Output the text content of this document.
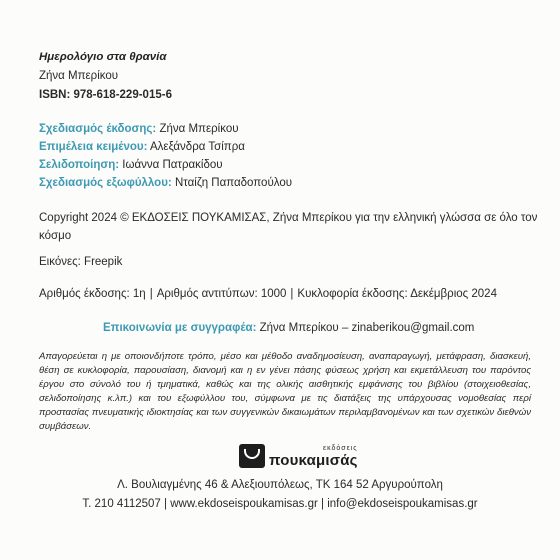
Ημερολόγιο στα θρανία
Ζήνα Μπερίκου
ISBN: 978-618-229-015-6
Σχεδιασμός έκδοσης: Ζήνα Μπερίκου
Επιμέλεια κειμένου: Αλεξάνδρα Τσίπρα
Σελιδοποίηση: Ιωάννα Πατρακίδου
Σχεδιασμός εξωφύλλου: Νταίζη Παπαδοπούλου
Copyright 2024 © ΕΚΔΟΣΕΙΣ ΠΟΥΚΑΜΙΣΑΣ, Ζήνα Μπερίκου για την ελληνική γλώσσα σε όλο τον κόσμο
Εικόνες: Freepik
Αριθμός έκδοσης: 1η | Αριθμός αντιτύπων: 1000 | Κυκλοφορία έκδοσης: Δεκέμβριος 2024
Επικοινωνία με συγγραφέα: Ζήνα Μπερίκου – zinaberikou@gmail.com
Απαγορεύεται η με οποιονδήποτε τρόπο, μέσο και μέθοδο αναδημοσίευση, αναπαραγωγή, μετάφραση, διασκευή, θέση σε κυκλοφορία, παρουσίαση, διανομή και η εν γένει πάσης φύσεως χρήση και εκμετάλλευση του παρόντος έργου στο σύνολό του ή τμηματικά, καθώς και της ολικής αισθητικής εμφάνισης του βιβλίου (στοιχειοθεσίας, σελιδοποίησης κ.λπ.) και του εξωφύλλου του, σύμφωνα με τις διατάξεις της υπάρχουσας νομοθεσίας περί προστασίας πνευματικής ιδιοκτησίας και των συγγενικών δικαιωμάτων περιλαμβανομένων και των σχετικών διεθνών συμβάσεων.
εκδόσεις
πουκαμισάς
Λ. Βουλιαγμένης 46 & Αλεξιουπόλεως, ΤΚ 164 52 Αργυρούπολη
Τ. 210 4112507 | www.ekdoseispoukamisas.gr | info@ekdoseispoukamisas.gr
